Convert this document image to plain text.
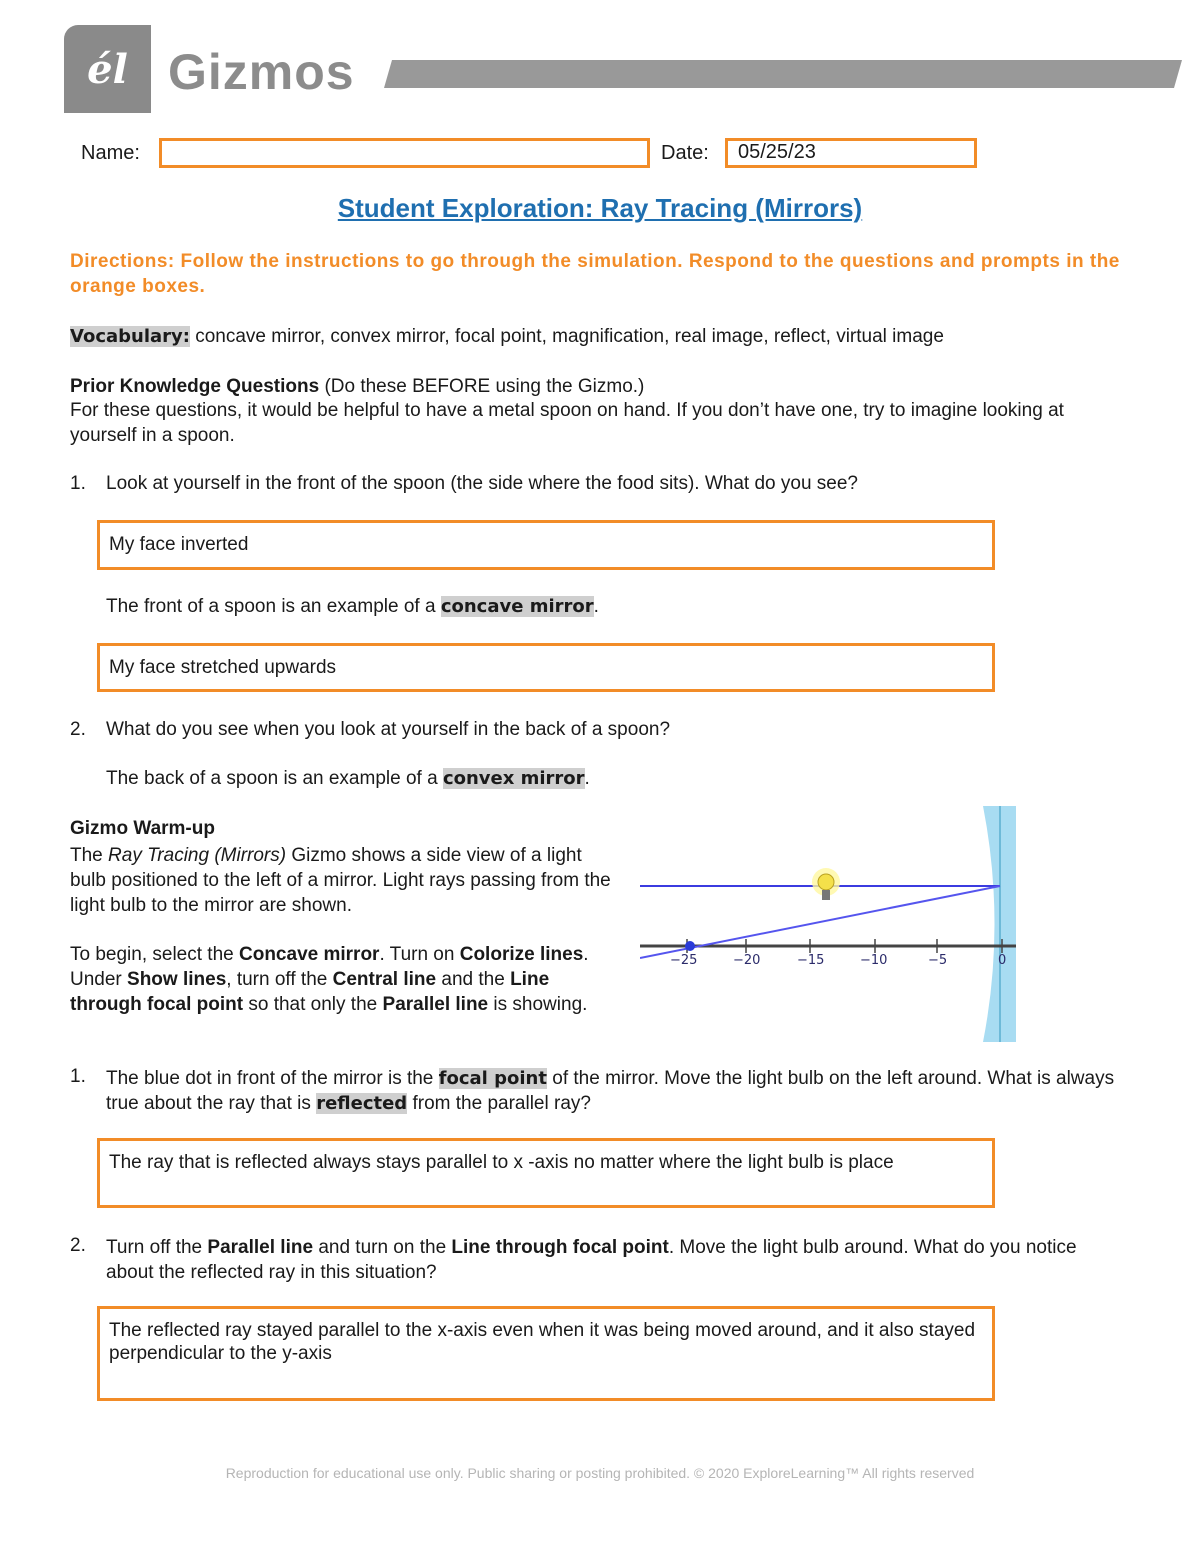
él Gizmos
Name:	Date:	05/25/23
Student Exploration: Ray Tracing (Mirrors)
Directions: Follow the instructions to go through the simulation. Respond to the questions and prompts in the orange boxes.
Vocabulary: concave mirror, convex mirror, focal point, magnification, real image, reflect, virtual image
Prior Knowledge Questions (Do these BEFORE using the Gizmo.)
For these questions, it would be helpful to have a metal spoon on hand. If you don’t have one, try to imagine looking at yourself in a spoon.
1.	Look at yourself in the front of the spoon (the side where the food sits). What do you see?
My face inverted
The front of a spoon is an example of a concave mirror.
My face stretched upwards
2.	What do you see when you look at yourself in the back of a spoon?
The back of a spoon is an example of a convex mirror.
Gizmo Warm-up
The Ray Tracing (Mirrors) Gizmo shows a side view of a light bulb positioned to the left of a mirror. Light rays passing from the light bulb to the mirror are shown.
To begin, select the Concave mirror. Turn on Colorize lines. Under Show lines, turn off the Central line and the Line through focal point so that only the Parallel line is showing.
−25	−20	−15	−10	−5	0
1.	The blue dot in front of the mirror is the focal point of the mirror. Move the light bulb on the left around. What is always true about the ray that is reflected from the parallel ray?
The ray that is reflected always stays parallel to x -axis no matter where the light bulb is place
2.	Turn off the Parallel line and turn on the Line through focal point. Move the light bulb around. What do you notice about the reflected ray in this situation?
The reflected ray stayed parallel to the x-axis even when it was being moved around, and it also stayed perpendicular to the y-axis
Reproduction for educational use only. Public sharing or posting prohibited. © 2020 ExploreLearning™ All rights reserved
